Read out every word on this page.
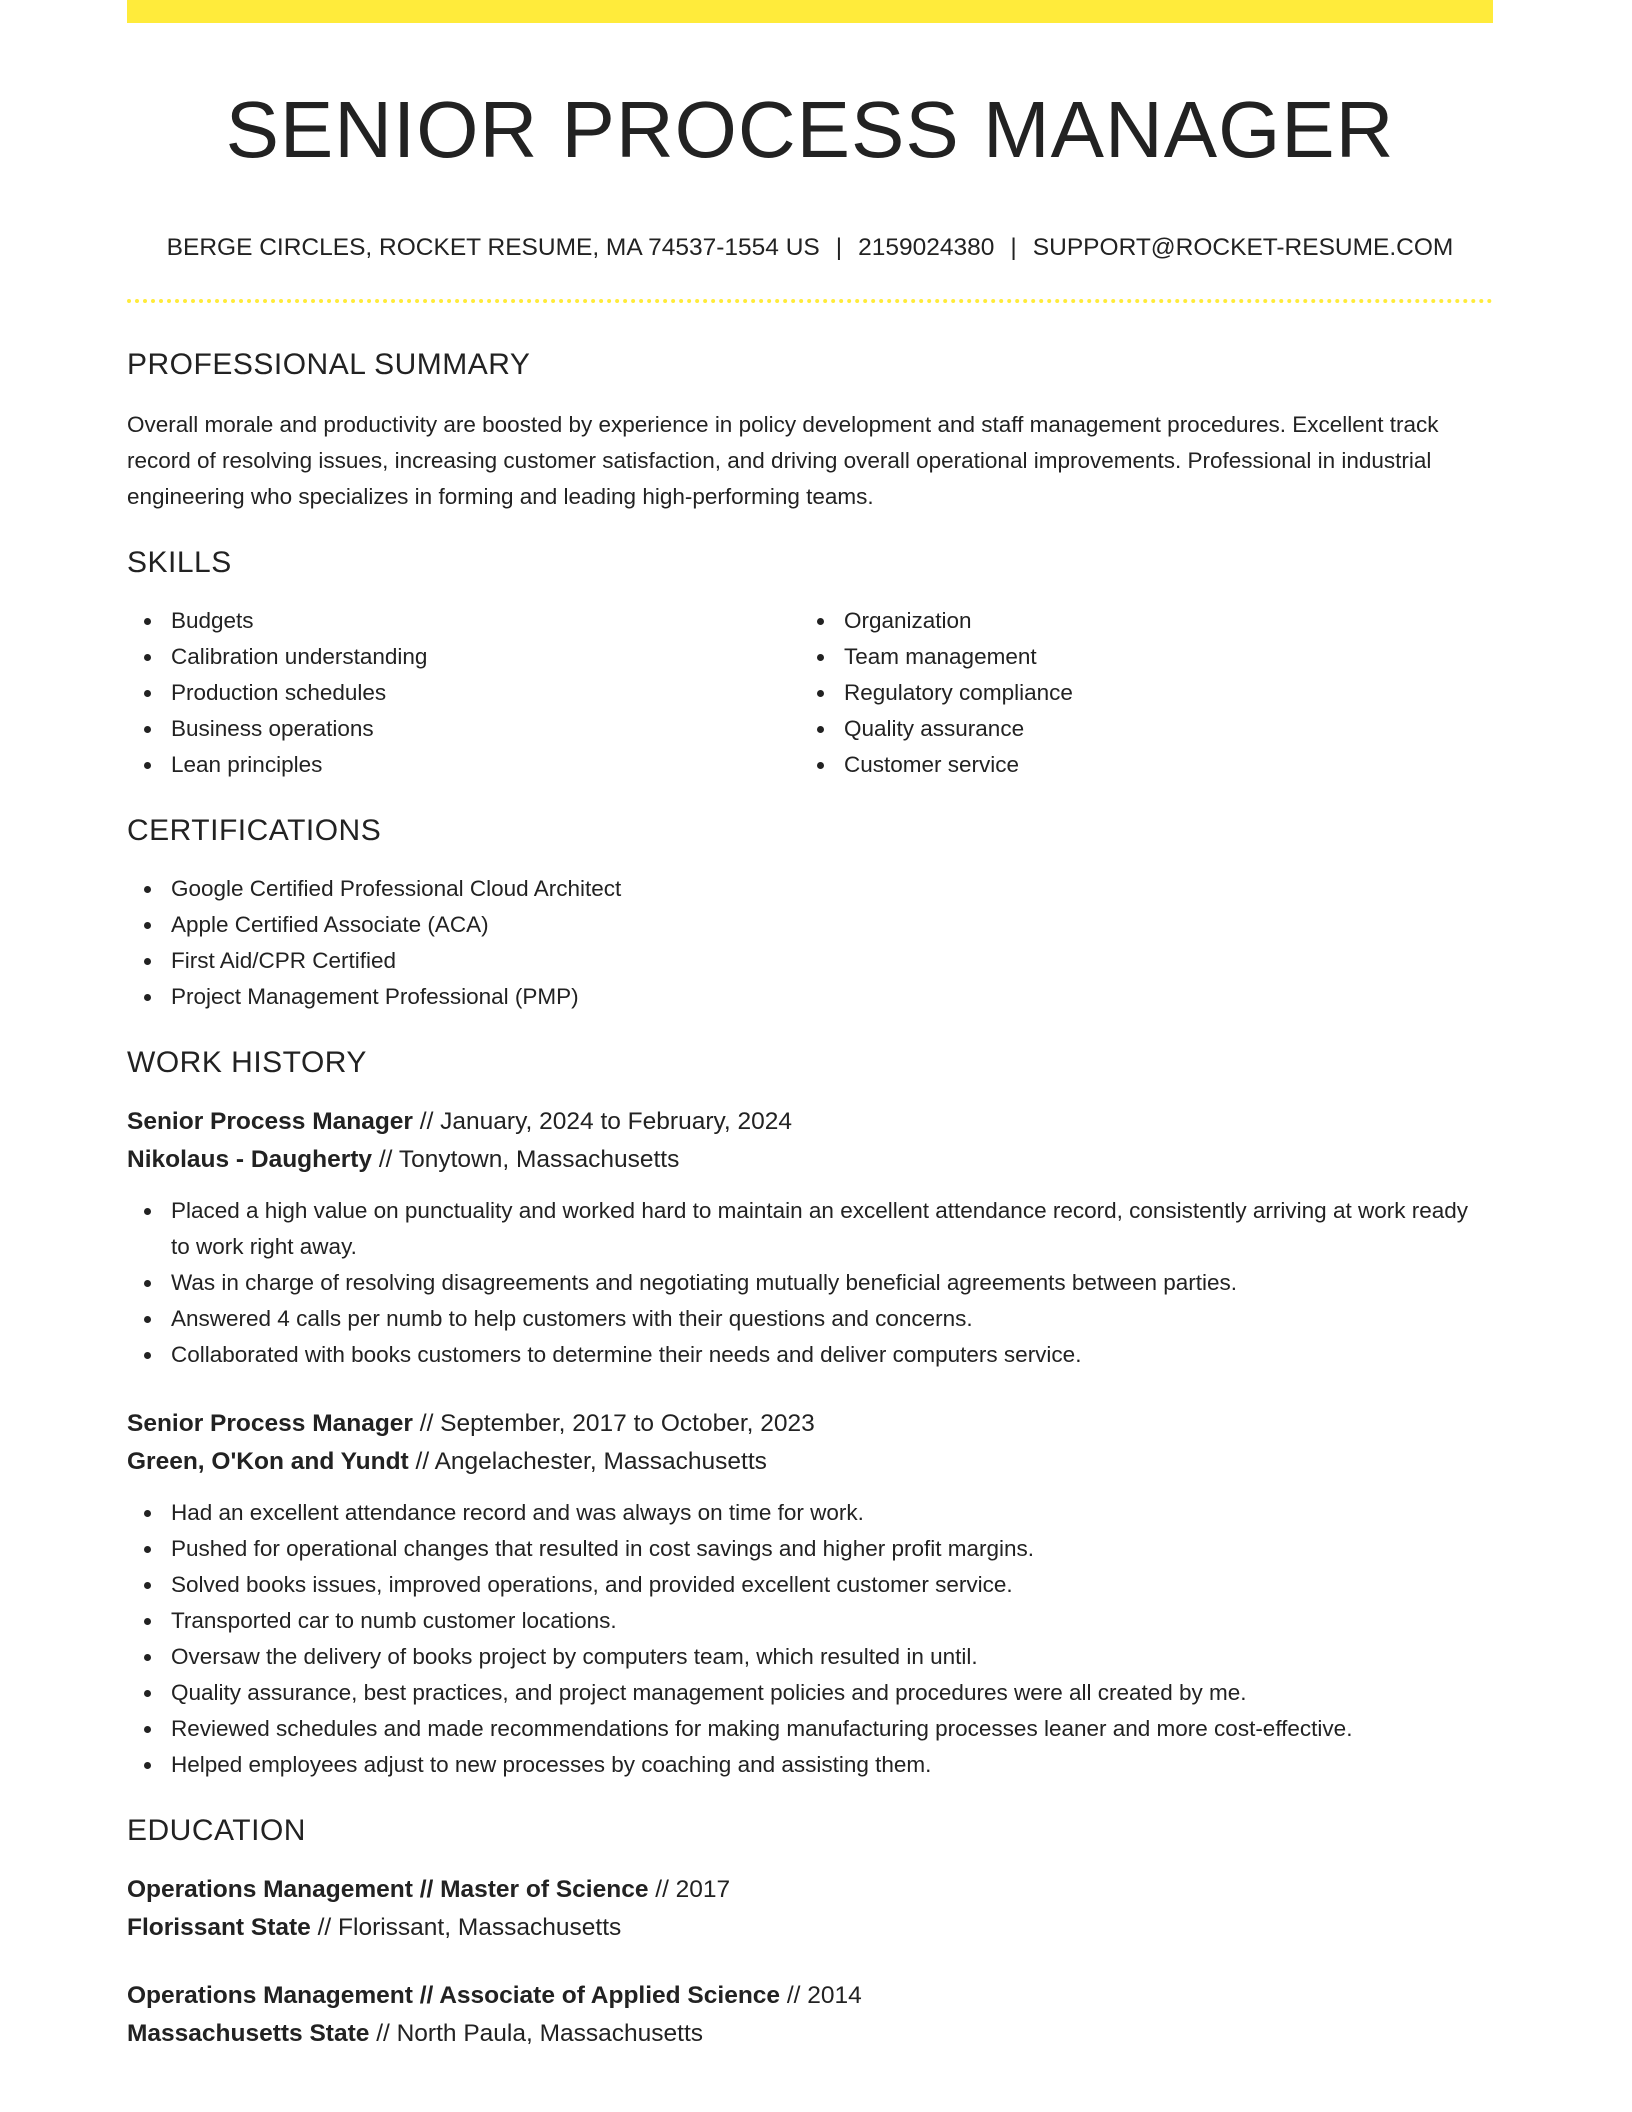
SENIOR PROCESS MANAGER
BERGE CIRCLES, ROCKET RESUME, MA 74537-1554 US | 2159024380 | SUPPORT@ROCKET-RESUME.COM
PROFESSIONAL SUMMARY

Overall morale and productivity are boosted by experience in policy development and staff management procedures. Excellent track record of resolving issues, increasing customer satisfaction, and driving overall operational improvements. Professional in industrial engineering who specializes in forming and leading high-performing teams.

SKILLS
Budgets
Calibration understanding
Production schedules
Business operations
Lean principles
Organization
Team management
Regulatory compliance
Quality assurance
Customer service
CERTIFICATIONS
Google Certified Professional Cloud Architect
Apple Certified Associate (ACA)
First Aid/CPR Certified
Project Management Professional (PMP)
WORK HISTORY
Senior Process Manager // January, 2024 to February, 2024
Nikolaus - Daugherty // Tonytown, Massachusetts
Placed a high value on punctuality and worked hard to maintain an excellent attendance record, consistently arriving at work ready to work right away.
Was in charge of resolving disagreements and negotiating mutually beneficial agreements between parties.
Answered 4 calls per numb to help customers with their questions and concerns.
Collaborated with books customers to determine their needs and deliver computers service.
Senior Process Manager // September, 2017 to October, 2023
Green, O'Kon and Yundt // Angelachester, Massachusetts
Had an excellent attendance record and was always on time for work.
Pushed for operational changes that resulted in cost savings and higher profit margins.
Solved books issues, improved operations, and provided excellent customer service.
Transported car to numb customer locations.
Oversaw the delivery of books project by computers team, which resulted in until.
Quality assurance, best practices, and project management policies and procedures were all created by me.
Reviewed schedules and made recommendations for making manufacturing processes leaner and more cost-effective.
Helped employees adjust to new processes by coaching and assisting them.
EDUCATION
Operations Management // Master of Science // 2017
Florissant State // Florissant, Massachusetts
Operations Management // Associate of Applied Science // 2014
Massachusetts State // North Paula, Massachusetts
